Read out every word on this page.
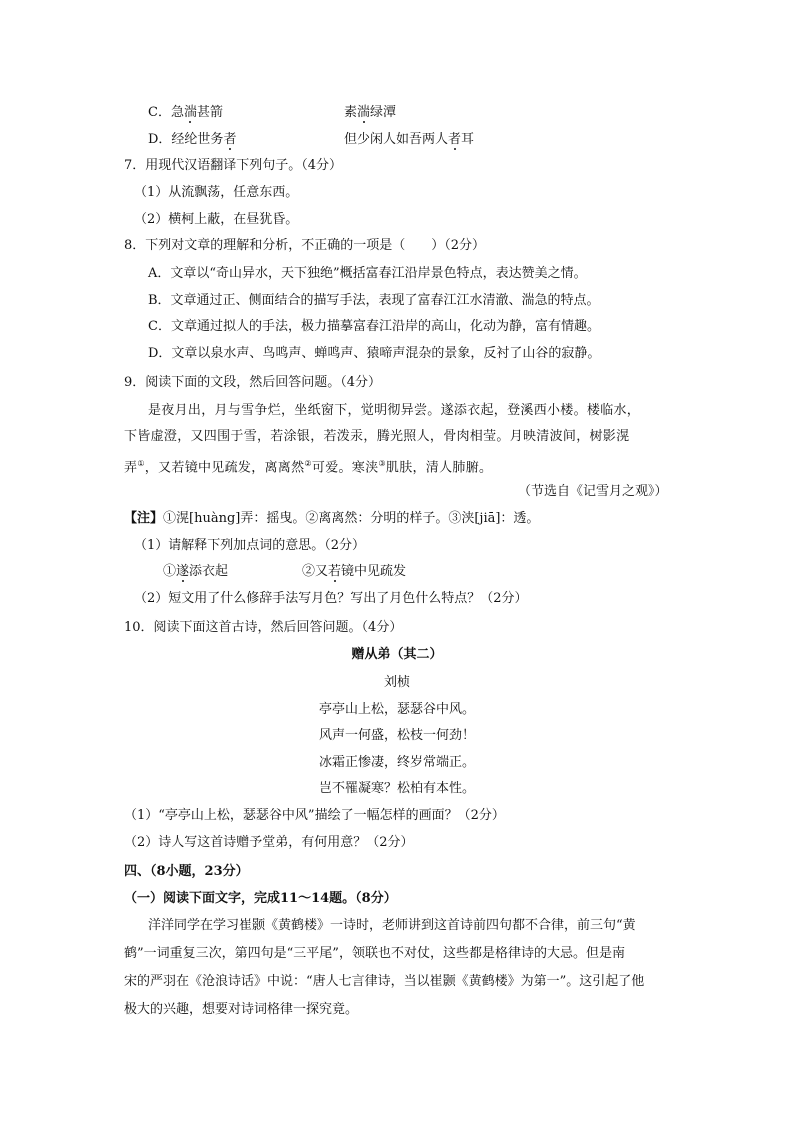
C．急湍甚箭	素湍绿潭
D．经纶世务者	但少闲人如吾两人者耳
7．用现代汉语翻译下列句子。（4分）
（1）从流飘荡，任意东西。
（2）横柯上蔽，在昼犹昏。
8．下列对文章的理解和分析，不正确的一项是（　　）（2分）
A．文章以“奇山异水，天下独绝”概括富春江沿岸景色特点，表达赞美之情。
B．文章通过正、侧面结合的描写手法，表现了富春江江水清澈、湍急的特点。
C．文章通过拟人的手法，极力描摹富春江沿岸的高山，化动为静，富有情趣。
D．文章以泉水声、鸟鸣声、蝉鸣声、猿啼声混杂的景象，反衬了山谷的寂静。
9．阅读下面的文段，然后回答问题。（4分）
是夜月出，月与雪争烂，坐纸窗下，觉明彻异尝。遂添衣起，登溪西小楼。楼临水，
下皆虚澄，又四围于雪，若涂银，若泼汞，腾光照人，骨肉相莹。月映清波间，树影滉
弄①，又若镜中见疏发，离离然②可爱。寒浃③肌肤，清人肺腑。
（节选自《记雪月之观》）
【注】①滉[huàng]弄：摇曳。②离离然：分明的样子。③浃[jiā]：透。
（1）请解释下列加点词的意思。（2分）
①遂添衣起	②又若镜中见疏发
（2）短文用了什么修辞手法写月色？写出了月色什么特点？（2分）
10．阅读下面这首古诗，然后回答问题。（4分）
赠从弟（其二）
刘桢
亭亭山上松，瑟瑟谷中风。
风声一何盛，松枝一何劲！
冰霜正惨凄，终岁常端正。
岂不罹凝寒？松柏有本性。
（1）“亭亭山上松，瑟瑟谷中风”描绘了一幅怎样的画面？（2分）
（2）诗人写这首诗赠予堂弟，有何用意？（2分）
四、（8小题，23分）
（一）阅读下面文字，完成11～14题。（8分）
洋洋同学在学习崔颢《黄鹤楼》一诗时，老师讲到这首诗前四句都不合律，前三句“黄
鹤”一词重复三次，第四句是“三平尾”，领联也不对仗，这些都是格律诗的大忌。但是南
宋的严羽在《沧浪诗话》中说：“唐人七言律诗，当以崔颢《黄鹤楼》为第一”。这引起了他
极大的兴趣，想要对诗词格律一探究竟。
